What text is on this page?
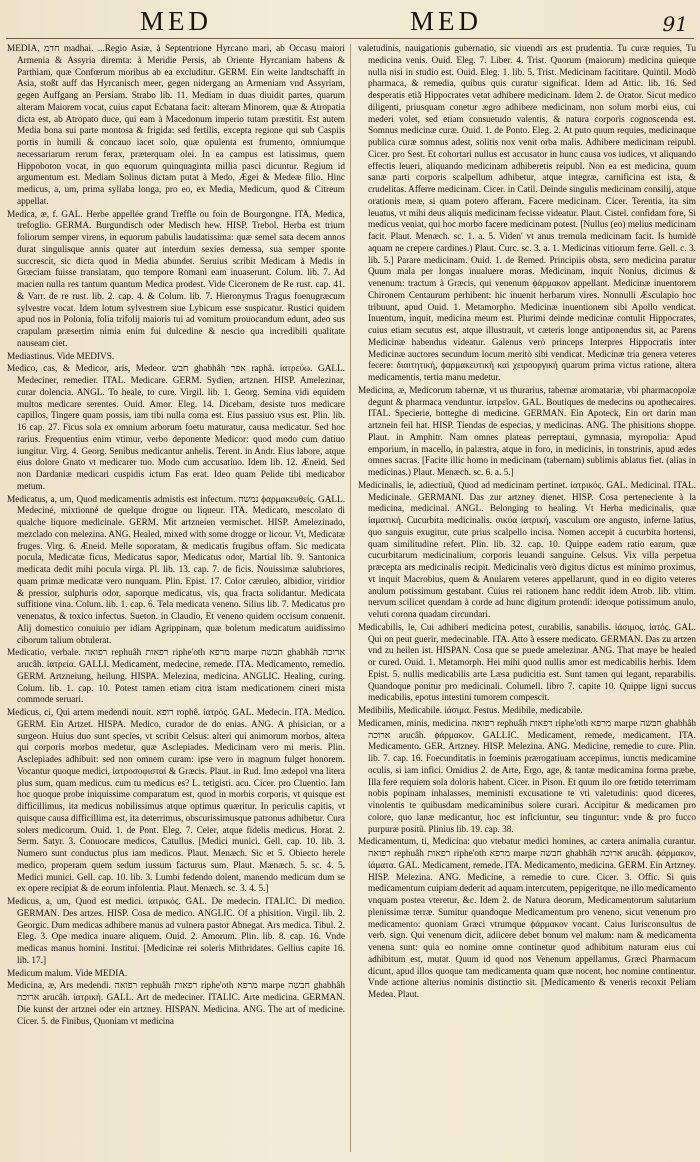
MED	MED	91

MEDIA, חדמ madhai. ...Regio Asiæ, à Septentrione Hyrcano mari, ab Occasu maiori Armenia & Assyria diremta: à Meridie Persis, ab Oriente Hyrcaniam habens & Parthiam, quæ Confœrum moribus ab ea excluditur. GERM. Ein weite landtschafft in Asia, stoßt auff das Hyrcanisch meer, gegen nidergang an Armeniam vnd Assyriam, gegen Auffgang an Persiam. Strabo lib. 11. Mediam in duas diuidit partes, quarum alteram Maiorem vocat, cuius caput Ecbatana facit: alteram Minorem, quæ & Atropatia dicta est, ab Atropato duce, qui eam à Macedonum imperio tutam præstitit. Est autem Media bona sui parte montosa & frigida: sed fertilis, excepta regione qui sub Caspiis portis in humili & concauo iacet solo, quæ opulenta est frumento, omniumque necessariarum rerum ferax, præterquam olei. In ea campus est latissimus, quem Hippoboton vocat, in quo equorum quinquaginta millia pasci dicuntur. Regium id argumentum est. Mediam Solinus dictam putat à Medo, Ægei & Medeæ filio. Hinc medicus, a, um, prima syllaba longa, pro eo, ex Media, Medicum, quod & Citreum appellat.

Medica, æ, f. GAL. Herbe appellée grand Treffle ou foin de Bourgongne. ITA. Medica, trefoglio. GERMA. Burgundisch oder Medisch hew. HISP. Trebol. Herba est trium foliorum semper virens, in equorum pabulis laudatissima: quæ semel sata decem annos durat singulisque annis quater aut interdum sexies demessa, sua semper sponte succrescit, sic dicta quod in Media abundet. Seruius scribit Medicam à Medis in Græciam fuisse translatam, quo tempore Romani eam inuaserunt. Colum. lib. 7. Ad macien nulla res tantum quantum Medica prodest. Vide Ciceronem de Re rust. cap. 41. & Varr. de re rust. lib. 2. cap. 4. & Colum. lib. 7. Hieronymus Tragus foenugræcum sylvestre vocat. Idem lotum sylvestrem siue Lybicum esse suspicatur. Rustici quidem apud nos in Polonia, folia trifolij maioris tui ad vomitum prouocandum edunt, adeo sus crapulam præsertim nimia enim fui dulcedine & nescio qua incredibili qualitate nauseam ciet.

Mediastinus. Vide MEDIVS.

Medico, cas, & Medicor, aris, Medeor. חבש ghabhâh אפר raphâ. ἰατρεύω. GALL. Medeciner, remedier. ITAL. Medicare. GERM. Sydien, artznen. HISP. Amelezinar, curar dolencia. ANGL. To heale, to cure. Virgil. lib. 1. Georg. Semina vidi equidem multos medicare serentes. Ouid. Amor. Eleg. 14. Dicebam, desiste tuos medicare capillos, Tingere quam possis, iam tibi nulla coma est. Eius passiuo vsus est. Plin. lib. 16 cap. 27. Ficus sola ex omnium arborum foetu maturatur, causa medicatur. Sed hoc rarius. Frequentius enim vtimur, verbo deponente Medicor: quod modo cum datiuo iungitur. Virg. 4. Georg. Senibus medicantur anhelis. Terent. in Andr. Eius labore, atque eius dolore Gnato vt medicarer tuo. Modo cum accusatiuo. Idem lib. 12. Æneid. Sed non Dardaniæ medicari cuspidis ictum Fas erat. Ideo quam Pelide tibi medicabor metum.

Medicatus, a, um, Quod medicamentis admistis est infectum. נמשח ϕαρμακευθείς. GALL. Medeciné, mixtionné de quelque drogue ou liqueur. ITA. Medicato, mescolato di qualche liquore medicinale. GERM. Mit artzneien vermischet. HISP. Amelezinado, mezclado con melezina. ANG. Healed, mixed with some drogge or licour. Vt, Medicatæ fruges. Virg. 6. Æneid. Melle soporatam, & medicatis frugibus offam. Sic medicata pocula, Medicatæ ficus, Medicatus sapor, Medicatus odor, Martial lib. 9. Santonica medicata dedit mihi pocula virga. Pl. lib. 13. cap. 7. de ficis. Nouissimæ salubriores, quam primæ medicatæ vero nunquam. Plin. Epist. 17. Color cæruleo, albidior, viridior & pressior, sulphuris odor, saporque medicatus, vis, qua fracta solidantur. Medicata suffitione vina. Colum. lib. 1. cap. 6. Tela medicata veneno. Silius lib. 7. Medicatus pro venenatus, & toxico infectus. Sueton. in Claudio, Et veneno quidem occisum conuenit. Alij domestico conuiuio per idiam Agrippinam, quæ boletum medicatum auidissimo ciborum talium obtulerat.

Medicatio, verbale. רפואה rephuâh רפאות riphe'oth מרפא marpe חבשה ghabhâh ארוכה arucâh. ἰατρεία. GALLI. Medicament, medecine, remede. ITA. Medicamento, remedio. GERM. Artzneiung, heilung. HISPA. Melezina, medicina. ANGLIC. Healing, curing. Colum. lib. 1. cap. 10. Potest tamen etiam citra istam medicationem cineri mista commode seruari.

Medicus, ci, Qui artem medendi nouit. רופא rophê. ἰατρός. GAL. Medecin. ITA. Medico. GERM. Ein Artzet. HISPA. Medico, curador de do enias. ANG. A phisician, or a surgeon. Huius duo sunt species, vt scribit Celsus: alteri qui animorum morbos, altera qui corporis morbos medetur, quæ Asclepiades. Medicinam vero mi meris. Plin. Asclepiades adhibuit: sed non omnem curam: ipse vero in magnum fulget honorem. Vocantur quoque medici, ἰατροσοφισταί & Græcis. Plaut. in Rud. Imo ædepol vna litera plus sum, quam medicus. cum tu medicus es? L. tetigisti. acu. Cicer. pro Cluentio. Iam hoc quoque probe iniquissime comparatum est, quod in morbis corporis, vt quisque est difficillimus, ita medicus nobilissimus atque optimus quæritur. In periculis capitis, vt quisque causa difficillima est, ita deterrimus, obscurissimusque patronus adhibetur. Cura solers medicorum. Ouid. 1. de Pont. Eleg. 7. Celer, atque fidelis medicus. Horat. 2. Serm. Satyr. 3. Conuocare medicos, Catullus. [Medici munici. Gell. cap. 10. lib. 3. Numero sunt conductus plus iam medicos. Plaut. Menæch. Sic et 5. Obiecto herele medico, properam quem sedum iussum facturus sum. Plaut. Mænæch. 5. sc. 4. 5. Medici munici. Gell. cap. 10. lib. 3. Lumbi fedendo dolent, manendo medicum dum se ex opere recipiat & de eorum infolentia. Plaut. Menæch. sc. 3. 4. 5.]

Medicus, a, um, Quod est medici. ἰατρικός. GAL. De medecin. ITALIC. Di medico. GERMAN. Des artzes. HISP. Cosa de medico. ANGLIC. Of a phisition. Virgil. lib. 2. Georgic. Dum medicas adhibere manus ad vulnera pastor Abnegat. Ars medica. Tibul. 2. Eleg. 3. Ope medica inuare aliquem. Ouid. 2. Amorum. Plin. lib. 8. cap. 16. Vnde medicas manus homini. Institui. [Medicinæ rei soleris Mithridates. Gellius capite 16. lib. 17.]

Medicum malum. Vide MEDIA.

Medicina, æ, Ars medendi. רפואה rephuâh רפאות riphe'oth מרפא marpe חבשה ghabhâh ארוכה arucâh. ἰατρική. GALL. Art de medeciner. ITALIC. Arte medicina. GERMAN. Die kunst der artznei oder ein artzney. HISPAN. Medicina. ANG. The art of medicine. Cicer. 5. de Finibus, Quoniam vt medicina

valetudinis, nauigationis gubernatio, sic viuendi ars est prudentia. Tu curæ requies, Tu medicina venis. Ouid. Eleg. 7. Liber. 4. Trist. Quorum (maiorum) medicina quieque nulla nisi in studio est. Ouid. Eleg. 1. lib. 5. Trist. Medicinam facititare. Quintil. Modò pharmaca, & remedia, quibus quis curatur significat. Idem ad Attic. lib. 16. Sed desperatis etiã Hippocrates vetat adhibere medicinam. Idem 2. de Orator. Sicut medico diligenti, priusquam conetur ægro adhibere medicinam, non solum morbi eius, cui mederi volet, sed etiam consuetudo valentis, & natura corporis cognoscenda est. Somnus medicinæ curæ. Ouid. 1. de Ponto. Eleg. 2. At puto quum requies, medicinaque publica curæ somnus adest, solitis nox venit orba malis. Adhibere medicinam reipubl. Cicer. pro Sest. Et cohortari nullus est accusator in hunc causa vos iudices, vt aliquando effectis leueri, aliquando medicinam adhiberetis reipubl. Non ea est medicina, quum sanæ parti corporis scalpellum adhibetur, atque integræ, carnificina est ista, & crudelitas. Afferre medicinam. Cicer. in Catil. Deinde singulis medicinam consilij, atque orationis meæ, si quam potero afferam. Facere medicinam. Cicer. Terentia, ita sim leuatus, vt mihi deus aliquis medicinam fecisse videatur. Plaut. Cistel. confidam fore, Si medicus veniat, qui hoc morbo facere medicinam potest. [Nullus (eo) melius medicinam facit. Plaut. Menæch. sc. 1. a. 5. Viden' vt anus tremula medicinam facit. Is humidè aquam ne crepere cardines.) Plaut. Curc. sc. 3. a. 1. Medicinas vitiorum ferre. Gell. c. 3. lib. 5.] Parare medicinam. Ouid. 1. de Remed. Principiis obsta, sero medicina paratur Quum mala per longas inualuere moras. Medicinam, inquit Nonius, dicimus & venenum: tractum à Græcis, qui venenum ϕάρμακον appellant. Medicinæ inuentorem Chironem Centaurum perhibent: hic inuenit herbarum vires. Nonnulli Æsculapio hoc tribuunt, apud Ouid. 1. Metamorpho. Medicinæ inuentionem sibi Apollo vendicat. Inuentum, inquit, medicina meum est. Plurimi deinde medicinæ contulit Hippocrates, cuius etiam secutus est, atque illustrauit, vt cæteris longe antiponendus sit, ac Parens Medicinæ habendus videatur. Galenus verò princeps Interpres Hippocratis inter Medicinæ auctores secundum locum meritò sibi vendicat. Medicinæ tria genera veteres fecere: διαιτητική, ϕαρμακευτική καὶ χειρουργική quarum prima victus ratione, altera medicamentis, tertia manu medetur.

Medicina, æ, Medicorum tabernæ, vt us thurarius, tabernæ aromatariæ, vbi pharmacopolæ degunt & pharmaca venduntur. ἰατρεῖον. GAL. Boutiques de medecins ou apothecaires. ITAL. Specierie, botteghe di medicine. GERMAN. Ein Apoteck, Ein ort darin man artznein feil hat. HISP. Tiendas de especias, y medicinas. ANG. The phisitions shoppe. Plaut. in Amphitr. Nam omnes plateas perreptaui, gymnasia, myropolia: Apud emporium, in macello, in palæstra, atque in foro, in medicinis, in tonstrinis, apud ædes omnes sacras. [Facite illic homo in medicinam (tabernam) sublimis ablatus fiet. (alias in medicinas.) Plaut. Menæch. sc. 6. a. 5.]

Medicinalis, le, adiectiuũ, Quod ad medicinam pertinet. ἰατρικός. GAL. Medicinal. ITAL. Medicinale. GERMANI. Das zur artzney dienet. HISP. Cosa perteneciente à la medicina, medicinal. ANGL. Belonging to healing. Vt Herba medicinalis, quæ ἰαματική. Cucurbita medicinalis. σικύα ἰατρική, vasculum ore angusto, inferne latius, quo sanguis exugitur, cute prius scalpello incisa. Nomen accepit à cucurbita hortensi, quam similitudine refert. Plin. lib. 32. cap. 10. Quippe eadem ratio earum, quæ cucurbitarum medicinalium, corporis leuandi sanguine. Celsus. Vix villa perpetua præcepta ars medicinalis recipit. Medicinalis verò digitus dictus est minimo proximus, vt inquit Macrobius, quem & Anularem veteres appellarunt, quod in eo digito veteres anulum potissimum gestabant. Cuius rei rationem hanc reddit idem Atrob. lib. vltim. nervum scilicet quendam à corde ad hunc digitum protendi: ideoque potissimum anulo, veluti corona quadam circundari.

Medicabilis, le, Cui adhiberi medicina potest, curabilis, sanabilis. ἰάσιμος, ἰατός. GAL. Qui on peut guerir, medecinable. ITA. Atto à essere medicato. GERMAN. Das zu artzen vnd zu heilen ist. HISPAN. Cosa que se puede amelezinar. ANG. That maye be healed or cured. Ouid. 1. Metamorph. Hei mihi quod nullis amor est medicabilis herbis. Idem Epist. 5. nullis medicabilis arte Læsa pudicitia est. Sunt tamen qui legant, reparabilis. Quandoque ponitur pro medicinali. Columell. libro 7. capite 10. Quippe ligni succus medicabilis, epotus intestini tumorem compescit.

Medibilis, Medicabile. ἰάσιμα. Festus. Medibile, medicabile.

Medicamen, minis, medicina. רפואה rephuâh רפאות riphe'oth מרפא marpe חבשה ghabhâh ארוכה arucâh. ϕάρμακον. GALLIC. Medicament, remede, medicament. ITA. Medicamento. GER. Artzney. HISP. Melezina. ANG. Medicine, remedie to cure. Plin. lib. 7. cap. 16. Foecunditatis in foeminis prærogatiuam accepimus, iunctis medicamine oculis, si iam infici. Omidius 2. de Arte, Ergo, age, & tantæ medicamina forma præbe, Illa fere requiem sola doloris habent. Cicer. in Pison. Et quum ilo ore fœtido teterrimam nobis popinam inhalasses, meministi excusatione te vti valetudinis: quod diceres, vinolentis te quibusdam medicaminibus solere curari. Accipitur & medicamen pro colore, quo lanæ medicantur, hoc est inficiuntur, seu tinguntur: vnde & pro fucco purpuræ positũ. Plinius lib. 19. cap. 38.

Medicamentum, ti, Medicina: quo vtebatur medici homines, ac cætera animalia curantur. רפואה rephuâh רפאות riphe'oth מרפא marpe חבשה ghabhâh ארוכה arucâh. ϕάρμακον, ἰάματα. GAL. Medicament, remede. ITA. Medicamento, medicina. GERM. Ein Artzney. HISP. Melezina. ANG. Medicine, a remedie to cure. Cicer. 3. Offic. Si quis medicamentum cuipiam dederit ad aquam intercutem, pepigeritque, ne illo medicamento vnquam postea vteretur, &c. Idem 2. de Natura deorum, Medicamentorum salutarium plenissimæ terræ. Sumitur quandoque Medicamentum pro veneno, sicut venenum pro medicamento: quoniam Græci vtrumque ϕάρμακον vocant. Caius Iurisconsultus de verb. sign. Qui venenum dicit, adiicere debet bonum vel malum: nam & medicamenta venena sunt: quia eo nomine omne continetur quod adhibitum naturam eius cui adhibitum est, mutat. Quum id quod nos Venenum appellamus, Græci Pharmacum dicunt, apud illos quoque tam medicamenta quam quæ nocent, hoc nomine continentur. Vnde actione alterius nominis distinctio sit. [Medicamento & veneris recoxit Peliam Medea. Plaut.
